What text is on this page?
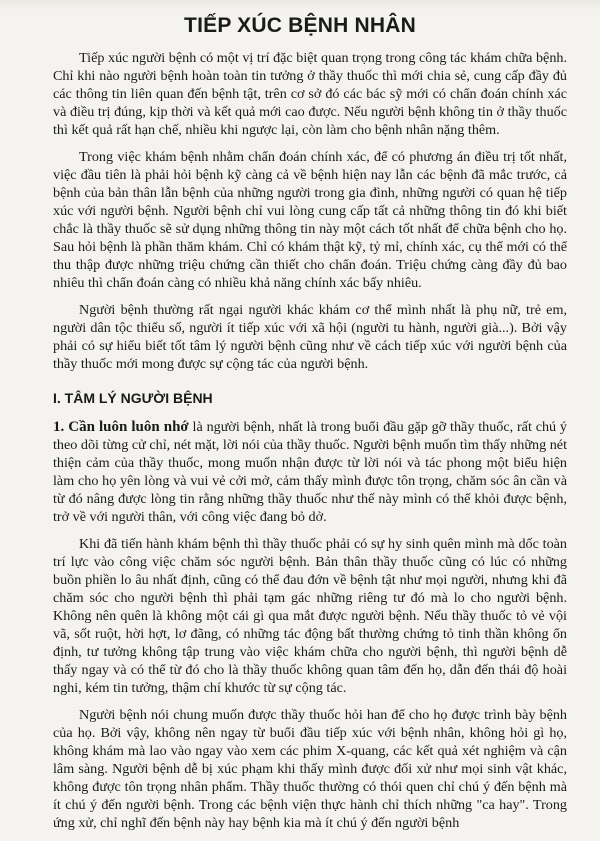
TIẾP XÚC BỆNH NHÂN

Tiếp xúc người bệnh có một vị trí đặc biệt quan trọng trong công tác khám chữa bệnh. Chỉ khi nào người bệnh hoàn toàn tin tưởng ở thầy thuốc thì mới chia sẻ, cung cấp đầy đủ các thông tin liên quan đến bệnh tật, trên cơ sở đó các bác sỹ mới có chẩn đoán chính xác và điều trị đúng, kịp thời và kết quả mới cao được. Nếu người bệnh không tin ở thầy thuốc thì kết quả rất hạn chế, nhiều khi ngược lại, còn làm cho bệnh nhân nặng thêm.

Trong việc khám bệnh nhằm chẩn đoán chính xác, để có phương án điều trị tốt nhất, việc đầu tiên là phải hỏi bệnh kỹ càng cả về bệnh hiện nay lẫn các bệnh đã mắc trước, cả bệnh của bản thân lẫn bệnh của những người trong gia đình, những người có quan hệ tiếp xúc với người bệnh. Người bệnh chỉ vui lòng cung cấp tất cả những thông tin đó khi biết chắc là thầy thuốc sẽ sử dụng những thông tin này một cách tốt nhất để chữa bệnh cho họ. Sau hỏi bệnh là phần thăm khám. Chỉ có khám thật kỹ, tỷ mỉ, chính xác, cụ thể mới có thể thu thập được những triệu chứng cần thiết cho chẩn đoán. Triệu chứng càng đầy đủ bao nhiêu thì chẩn đoán càng có nhiều khả năng chính xác bấy nhiêu.

Người bệnh thường rất ngại người khác khám cơ thể mình nhất là phụ nữ, trẻ em, người dân tộc thiểu số, người ít tiếp xúc với xã hội (người tu hành, người già...). Bởi vậy phải có sự hiểu biết tốt tâm lý người bệnh cũng như về cách tiếp xúc với người bệnh của thầy thuốc mới mong được sự cộng tác của người bệnh.

I. TÂM LÝ NGƯỜI BỆNH

1. Cần luôn luôn nhớ là người bệnh, nhất là trong buổi đầu gặp gỡ thầy thuốc, rất chú ý theo dõi từng cử chỉ, nét mặt, lời nói của thầy thuốc. Người bệnh muốn tìm thấy những nét thiện cảm của thầy thuốc, mong muốn nhận được từ lời nói và tác phong một biểu hiện làm cho họ yên lòng và vui vẻ cởi mở, cảm thấy mình được tôn trọng, chăm sóc ân cần và từ đó nâng được lòng tin rằng những thầy thuốc như thế này mình có thể khỏi được bệnh, trở về với người thân, với công việc đang bỏ dở.

Khi đã tiến hành khám bệnh thì thầy thuốc phải có sự hy sinh quên mình mà dốc toàn trí lực vào công việc chăm sóc người bệnh. Bản thân thầy thuốc cũng có lúc có những buồn phiền lo âu nhất định, cũng có thể đau đớn về bệnh tật như mọi người, nhưng khi đã chăm sóc cho người bệnh thì phải tạm gác những riêng tư đó mà lo cho người bệnh. Không nên quên là không một cái gì qua mắt được người bệnh. Nếu thầy thuốc tỏ vẻ vội vã, sốt ruột, hời hợt, lơ đãng, có những tác động bất thường chứng tỏ tinh thần không ổn định, tư tưởng không tập trung vào việc khám chữa cho người bệnh, thì người bệnh dễ thấy ngay và có thể từ đó cho là thầy thuốc không quan tâm đến họ, dẫn đến thái độ hoài nghi, kém tin tưởng, thậm chí khước từ sự cộng tác.

Người bệnh nói chung muốn được thầy thuốc hỏi han để cho họ được trình bày bệnh của họ. Bởi vậy, không nên ngay từ buổi đầu tiếp xúc với bệnh nhân, không hỏi gì họ, không khám mà lao vào ngay vào xem các phim X-quang, các kết quả xét nghiệm và cận lâm sàng. Người bệnh dễ bị xúc phạm khi thấy mình được đối xử như mọi sinh vật khác, không được tôn trọng nhân phẩm. Thầy thuốc thường có thói quen chỉ chú ý đến bệnh mà ít chú ý đến người bệnh. Trong các bệnh viện thực hành chỉ thích những "ca hay". Trong ứng xử, chỉ nghĩ đến bệnh này hay bệnh kia mà ít chú ý đến người bệnh
